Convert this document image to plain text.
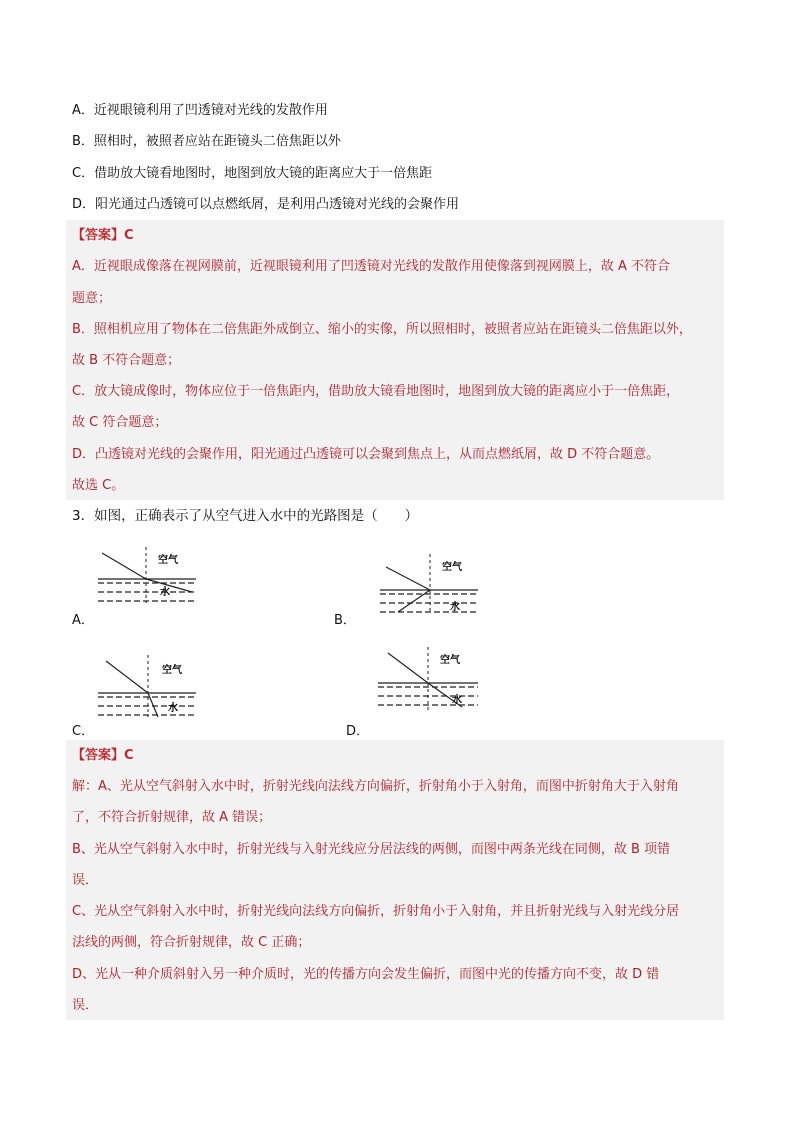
A．近视眼镜利用了凹透镜对光线的发散作用
B．照相时，被照者应站在距镜头二倍焦距以外
C．借助放大镜看地图时，地图到放大镜的距离应大于一倍焦距
D．阳光通过凸透镜可以点燃纸屑，是利用凸透镜对光线的会聚作用
【答案】C
A．近视眼成像落在视网膜前，近视眼镜利用了凹透镜对光线的发散作用使像落到视网膜上，故 A 不符合
题意；
B．照相机应用了物体在二倍焦距外成倒立、缩小的实像，所以照相时，被照者应站在距镜头二倍焦距以外，
故 B 不符合题意；
C．放大镜成像时，物体应位于一倍焦距内，借助放大镜看地图时，地图到放大镜的距离应小于一倍焦距，
故 C 符合题意；
D．凸透镜对光线的会聚作用，阳光通过凸透镜可以会聚到焦点上，从而点燃纸屑，故 D 不符合题意。
故选 C。
3．如图，正确表示了从空气进入水中的光路图是（　　）
空气
水
A．
空气
水
B．
空气
水
C．
空气
水
D．
【答案】C
解：A、光从空气斜射入水中时，折射光线向法线方向偏折，折射角小于入射角，而图中折射角大于入射角
了，不符合折射规律，故 A 错误；
B、光从空气斜射入水中时，折射光线与入射光线应分居法线的两侧，而图中两条光线在同侧，故 B 项错
误．
C、光从空气斜射入水中时，折射光线向法线方向偏折，折射角小于入射角，并且折射光线与入射光线分居
法线的两侧，符合折射规律，故 C 正确；
D、光从一种介质斜射入另一种介质时，光的传播方向会发生偏折，而图中光的传播方向不变，故 D 错
误．
